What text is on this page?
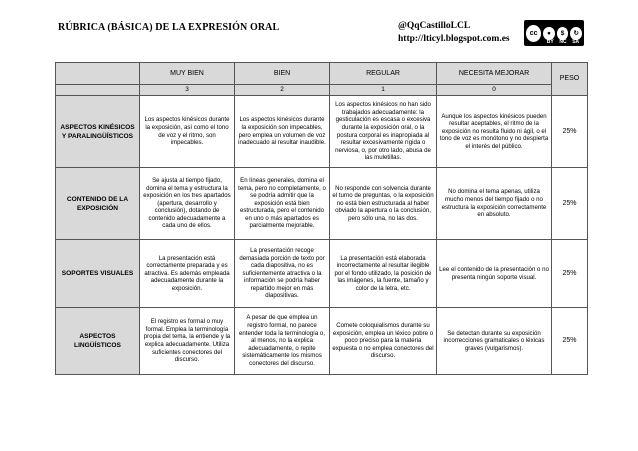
RÚBRICA (BÁSICA) DE LA EXPRESIÓN ORAL	@QqCastilloLCL
http://lticyl.blogspot.com.es
cc	●	$	↻
BY NC SA
	MUY BIEN	BIEN	REGULAR	NECESITA MEJORAR	PESO
	3	2	1	0	
ASPECTOS KINÉSICOS Y PARALINGÜÍSTICOS	Los aspectos kinésicos durante la exposición, así como el tono de voz y el ritmo, son impecables.	Los aspectos kinésicos durante la exposición son impecables, pero emplea un volumen de voz inadecuado al resultar inaudible.	Los aspectos kinésicos no han sido trabajados adecuadamente: la gesticulación es escasa o excesiva durante la exposición oral, o la postura corporal es inapropiada al resultar excesivamente rígida o nerviosa, o, por otro lado, abusa de las muletillas.	Aunque los aspectos kinésicos pueden resultar aceptables, el ritmo de la exposición no resulta fluido ni ágil, o el tono de voz es monótono y no despierta el interés del público.	25%
CONTENIDO DE LA EXPOSICIÓN	Se ajusta al tiempo fijado, domina el tema y estructura la exposición en los tres apartados (apertura, desarrollo y conclusión), dotando de contenido adecuadamente a cada uno de ellos.	En líneas generales, domina el tema, pero no completamente, o se podría admitir que la exposición está bien estructurada, pero el contenido en uno o más apartados es parcialmente mejorable.	No responde con solvencia durante el turno de preguntas, o la exposición no está bien estructurada al haber obviado la apertura o la conclusión, pero sólo una, no las dos.	No domina el tema apenas, utiliza mucho menos del tiempo fijado o no estructura la exposición correctamente en absoluto.	25%
SOPORTES VISUALES	La presentación está correctamente preparada y es atractiva. Es además empleada adecuadamente durante la exposición.	La presentación recoge demasiada porción de texto por cada diapositiva, no es suficientemente atractiva o la información se podría haber repartido mejor en más diapositivas.	La presentación está elaborada incorrectamente al resultar ilegible por el fondo utilizado, la posición de las imágenes, la fuente, tamaño y color de la letra, etc.	Lee el contenido de la presentación o no presenta ningún soporte visual.	25%
ASPECTOS LINGÜÍSTICOS	El registro es formal o muy formal. Emplea la terminología propia del tema, la entiende y la explica adecuadamente. Utiliza suficientes conectores del discurso.	A pesar de que emplea un registro formal, no parece entender toda la terminología o, al menos, no la explica adecuadamente, o repite sistemáticamente los mismos conectores del discurso.	Comete coloquialismos durante su exposición, emplea un léxico pobre o poco preciso para la materia expuesta o no emplea conectores del discurso.	Se detectan durante su exposición incorrecciones gramaticales o léxicas graves (vulgarismos).	25%
